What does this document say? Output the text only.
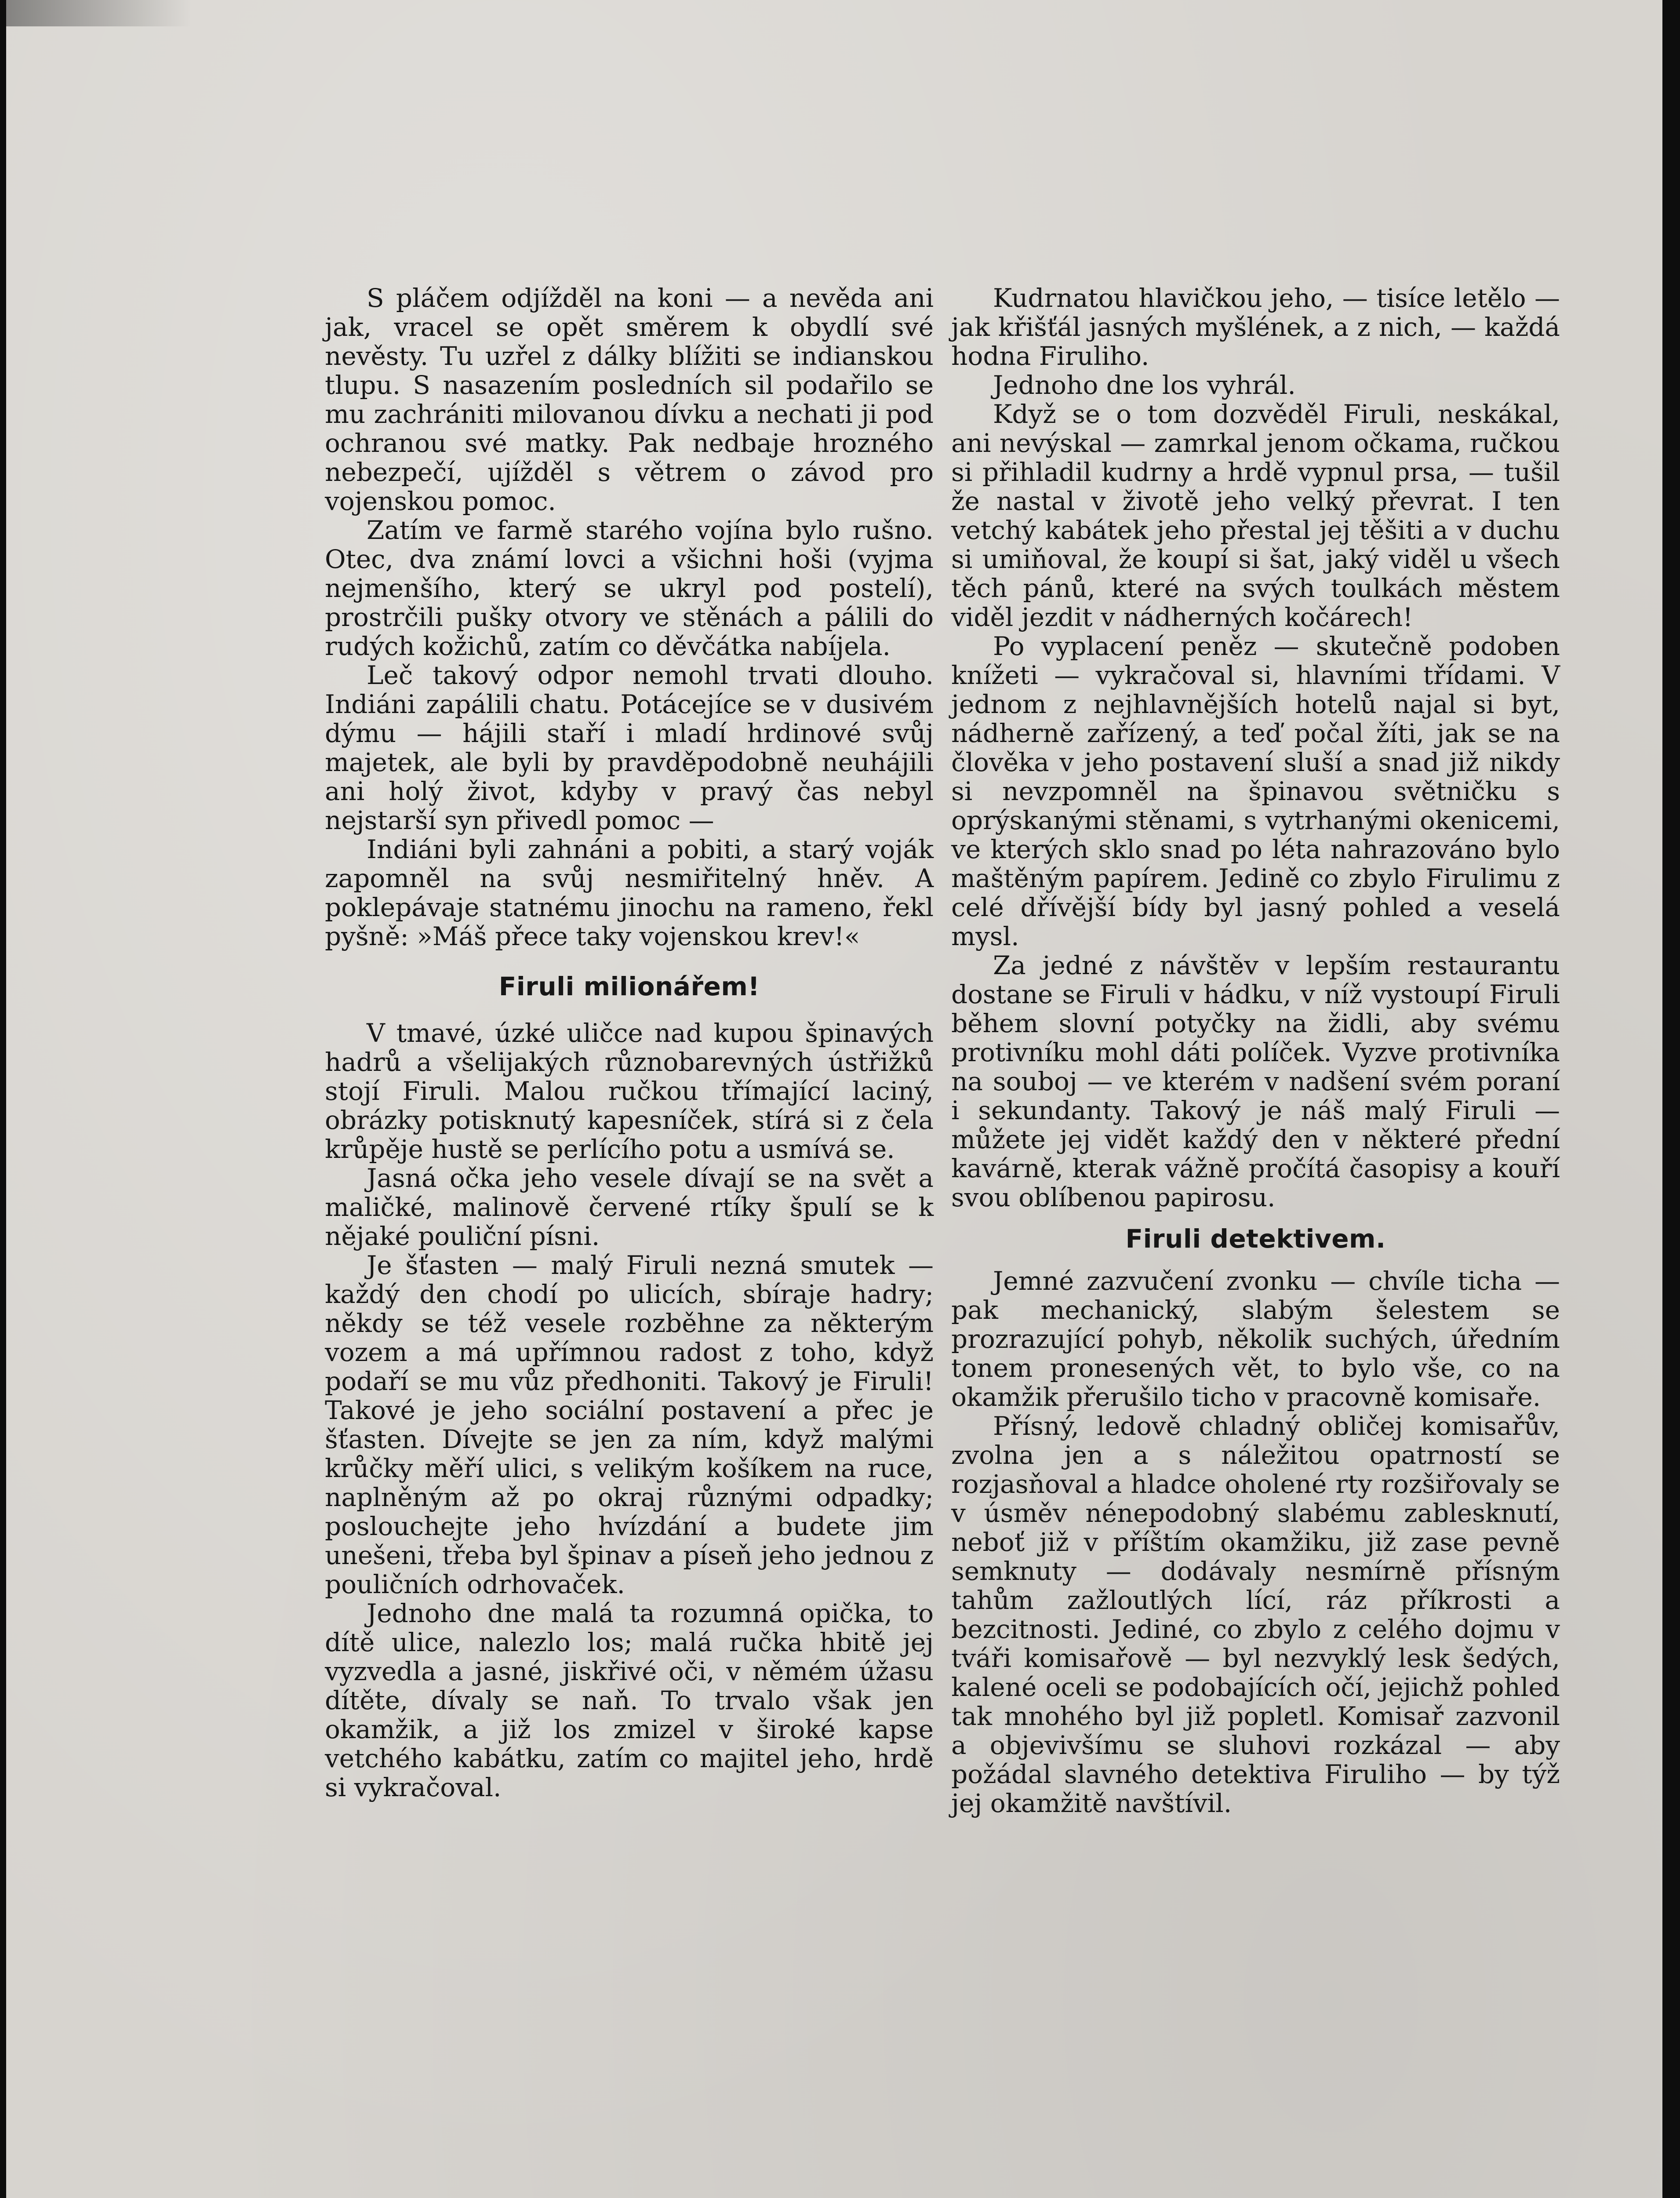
S pláčem odjížděl na koni — a nevěda ani jak, vracel se opět směrem k obydlí své nevěsty. Tu uzřel z dálky blížiti se indianskou tlupu. S nasazením posledních sil podařilo se mu zachrániti milovanou dívku a nechati ji pod ochranou své matky. Pak nedbaje hrozného nebezpečí, ujížděl s větrem o závod pro vojenskou pomoc.

Zatím ve farmě starého vojína bylo rušno. Otec, dva známí lovci a všichni hoši (vyjma nejmenšího, který se ukryl pod postelí), prostrčili pušky otvory ve stěnách a pálili do rudých kožichů, zatím co děvčátka nabíjela.

Leč takový odpor nemohl trvati dlouho. Indiáni zapálili chatu. Potácejíce se v dusivém dýmu — hájili staří i mladí hrdinové svůj majetek, ale byli by pravděpodobně neuhájili ani holý život, kdyby v pravý čas nebyl nejstarší syn přivedl pomoc —

Indiáni byli zahnáni a pobiti, a starý voják zapomněl na svůj nesmiřitelný hněv. A poklepávaje statnému jinochu na rameno, řekl pyšně: »Máš přece taky vojenskou krev!«

Firuli milionářem!

V tmavé, úzké uličce nad kupou špinavých hadrů a všelijakých různobarevných ústřižků stojí Firuli. Malou ručkou třímající laciný, obrázky potisknutý kapesníček, stírá si z čela krůpěje hustě se perlícího potu a usmívá se.

Jasná očka jeho vesele dívají se na svět a maličké, malinově červené rtíky špulí se k nějaké pouliční písni.

Je šťasten — malý Firuli nezná smutek — každý den chodí po ulicích, sbíraje hadry; někdy se též vesele rozběhne za některým vozem a má upřímnou radost z toho, když podaří se mu vůz předhoniti. Takový je Firuli! Takové je jeho sociální postavení a přec je šťasten. Dívejte se jen za ním, když malými krůčky měří ulici, s velikým košíkem na ruce, naplněným až po okraj různými odpadky; poslouchejte jeho hvízdání a budete jim unešeni, třeba byl špinav a píseň jeho jednou z pouličních odrhovaček.

Jednoho dne malá ta rozumná opička, to dítě ulice, nalezlo los; malá ručka hbitě jej vyzvedla a jasné, jiskřivé oči, v němém úžasu dítěte, dívaly se naň. To trvalo však jen okamžik, a již los zmizel v široké kapse vetchého kabátku, zatím co majitel jeho, hrdě si vykračoval.

Kudrnatou hlavičkou jeho, — tisíce letělo — jak křišťál jasných myšlének, a z nich, — každá hodna Firuliho.

Jednoho dne los vyhrál.

Když se o tom dozvěděl Firuli, neskákal, ani nevýskal — zamrkal jenom očkama, ručkou si přihladil kudrny a hrdě vypnul prsa, — tušil že nastal v životě jeho velký převrat. I ten vetchý kabátek jeho přestal jej těšiti a v duchu si umiňoval, že koupí si šat, jaký viděl u všech těch pánů, které na svých toulkách městem viděl jezdit v nádherných kočárech!

Po vyplacení peněz — skutečně podoben knížeti — vykračoval si, hlavními třídami. V jednom z nejhlavnějších hotelů najal si byt, nádherně zařízený, a teď počal žíti, jak se na člověka v jeho postavení sluší a snad již nikdy si nevzpomněl na špinavou světničku s oprýskanými stěnami, s vytrhanými okenicemi, ve kterých sklo snad po léta nahrazováno bylo maštěným papírem. Jedině co zbylo Firulimu z celé dřívější bídy byl jasný pohled a veselá mysl.

Za jedné z návštěv v lepším restaurantu dostane se Firuli v hádku, v níž vystoupí Firuli během slovní potyčky na židli, aby svému protivníku mohl dáti políček. Vyzve protivníka na souboj — ve kterém v nadšení svém poraní i sekundanty. Takový je náš malý Firuli — můžete jej vidět každý den v některé přední kavárně, kterak vážně pročítá časopisy a kouří svou oblíbenou papirosu.

Firuli detektivem.

Jemné zazvučení zvonku — chvíle ticha — pak mechanický, slabým šelestem se prozrazující pohyb, několik suchých, úředním tonem pronesených vět, to bylo vše, co na okamžik přerušilo ticho v pracovně komisaře.

Přísný, ledově chladný obličej komisařův, zvolna jen a s náležitou opatrností se rozjasňoval a hladce oholené rty rozšiřovaly se v úsměv nénepodobný slabému zablesknutí, neboť již v příštím okamžiku, již zase pevně semknuty — dodávaly nesmírně přísným tahům zažloutlých lící, ráz příkrosti a bezcitnosti. Jediné, co zbylo z celého dojmu v tváři komisařově — byl nezvyklý lesk šedých, kalené oceli se podobajících očí, jejichž pohled tak mnohého byl již popletl. Komisař zazvonil a objevivšímu se sluhovi rozkázal — aby požádal slavného detektiva Firuliho — by týž jej okamžitě navštívil.
